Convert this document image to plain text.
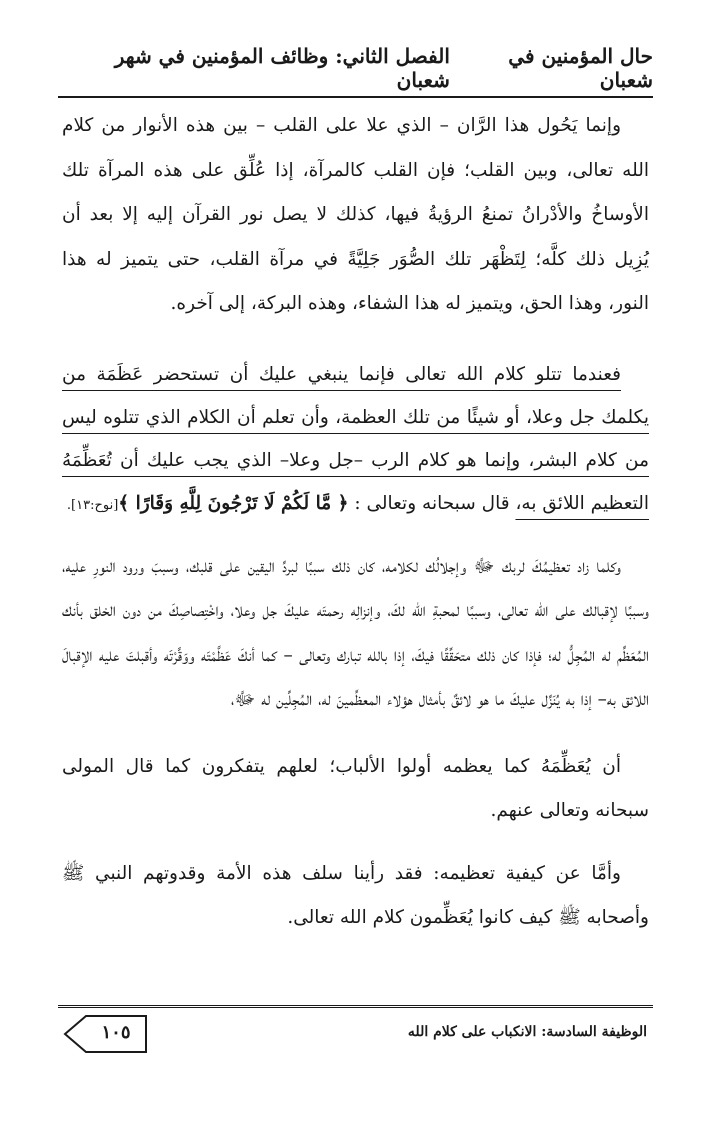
حال المؤمنين في شعبان
الفصل الثاني: وظائف المؤمنين في شهر شعبان

وإنما يَحُول هذا الرَّان – الذي علا على القلب – بين هذه الأنوار من كلام الله تعالى، وبين القلب؛ فإن القلب كالمرآة، إذا عُلِّق على هذه المرآة تلك الأوساخُ والأدْرانُ تمنعُ الرؤيةُ فيها، كذلك لا يصل نور القرآن إليه إلا بعد أن يُزِيل ذلك كلَّه؛ لِتَظْهَر تلك الصُّوَر جَلِيَّةً في مرآة القلب، حتى يتميز له هذا النور، وهذا الحق، ويتميز له هذا الشفاء، وهذه البركة، إلى آخره.

فعندما تتلو كلام الله تعالى فإنما ينبغي عليك أن تستحضر عَظَمَة من يكلمك جل وعلا، أو شيئًا من تلك العظمة، وأن تعلم أن الكلام الذي تتلوه ليس من كلام البشر، وإنما هو كلام الرب –جل وعلا– الذي يجب عليك أن تُعَظِّمَهُ التعظيم اللائق به، قال سبحانه وتعالى : ﴿ مَّا لَكُمْ لَا تَرْجُونَ لِلَّهِ وَقَارًا ﴾[نوح:١٣].

وكلما زاد تعظيمُكَ لربك ﷻ وإجلالُك لكلامه، كان ذلك سببًا لبردِّ اليقين على قلبك، وسببَ ورود النورِ عليه، وسببًا لإقبالك على الله تعالى، وسببًا لمحبةِ الله لكَ، وإنزالِه رحمتَه عليكَ جل وعلا، واخْتِصاصِكَ من دون الخلق بأنك المُعَظِّم له المُجِلُّ له؛ فإذا كان ذلك متحَقِّقًا فيكَ، إذا بالله تبارك وتعالى – كما أنكَ عَظَّمْتَه ووَقَّرْتَه وأقبلتَ عليه الإقبالَ اللائق به– إذا به يُنَزِّل عليكَ ما هو لائقٌ بأمثال هؤلاء المعظِّمينَ له، المُجِلِّين له ﷻ،

أن يُعَظِّمَهُ كما يعظمه أولوا الألباب؛ لعلهم يتفكرون كما قال المولى سبحانه وتعالى عنهم.

وأمَّا عن كيفية تعظيمه: فقد رأينا سلف هذه الأمة وقدوتهم النبي ﷺ وأصحابه ﷺ كيف كانوا يُعَظِّمون كلام الله تعالى.

الوظيفة السادسة: الانكباب على كلام الله
١٠٥
